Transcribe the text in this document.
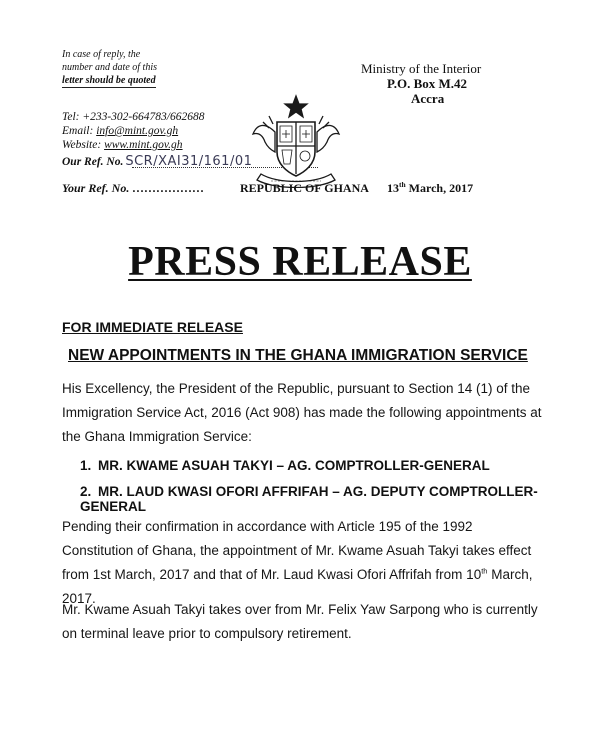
In case of reply, the
number and date of this
letter should be quoted
Tel: +233-302-664783/662688
Email: info@mint.gov.gh
Website: www.mint.gov.gh
Our Ref. No. SCR/XAI31/161/01
Ministry of the Interior
P.O. Box M.42
Accra
Your Ref. No. ………………	REPUBLIC OF GHANA 13th March, 2017
PRESS RELEASE
FOR IMMEDIATE RELEASE
NEW APPOINTMENTS IN THE GHANA IMMIGRATION SERVICE
His Excellency, the President of the Republic, pursuant to Section 14 (1) of the Immigration Service Act, 2016 (Act 908) has made the following appointments at the Ghana Immigration Service:
1. MR. KWAME ASUAH TAKYI – AG. COMPTROLLER-GENERAL
2. MR. LAUD KWASI OFORI AFFRIFAH – AG. DEPUTY COMPTROLLER-GENERAL
Pending their confirmation in accordance with Article 195 of the 1992 Constitution of Ghana, the appointment of Mr. Kwame Asuah Takyi takes effect from 1st March, 2017 and that of Mr. Laud Kwasi Ofori Affrifah from 10th March, 2017.
Mr. Kwame Asuah Takyi takes over from Mr. Felix Yaw Sarpong who is currently on terminal leave prior to compulsory retirement.
